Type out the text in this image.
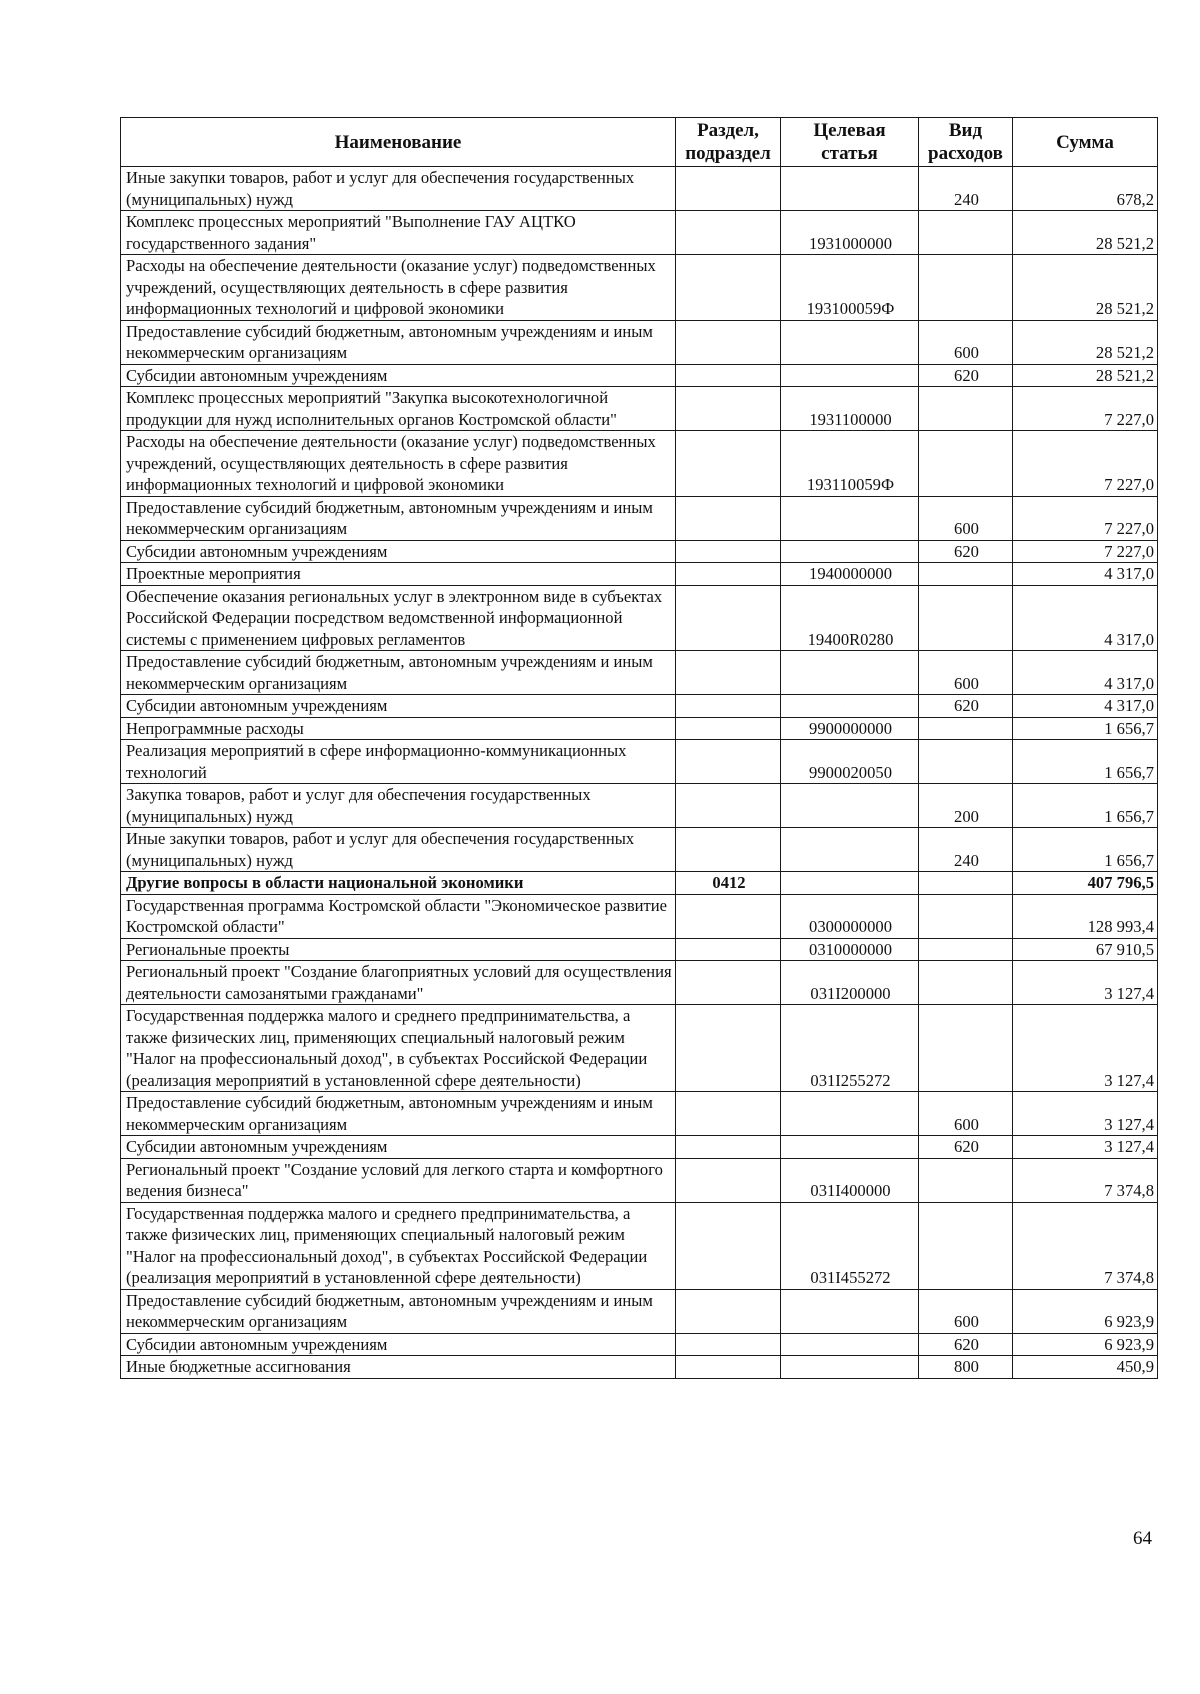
Наименование	Раздел, подраздел	Целевая статья	Вид расходов	Сумма
Иные закупки товаров, работ и услуг для обеспечения государственных (муниципальных) нужд			240	678,2
Комплекс процессных мероприятий "Выполнение ГАУ АЦТКО государственного задания"		1931000000		28 521,2
Расходы на обеспечение деятельности (оказание услуг) подведомственных учреждений, осуществляющих деятельность в сфере развития информационных технологий и цифровой экономики		193100059Ф		28 521,2
Предоставление субсидий бюджетным, автономным учреждениям и иным некоммерческим организациям			600	28 521,2
Субсидии автономным учреждениям			620	28 521,2
Комплекс процессных мероприятий "Закупка высокотехнологичной продукции для нужд исполнительных органов Костромской области"		1931100000		7 227,0
Расходы на обеспечение деятельности (оказание услуг) подведомственных учреждений, осуществляющих деятельность в сфере развития информационных технологий и цифровой экономики		193110059Ф		7 227,0
Предоставление субсидий бюджетным, автономным учреждениям и иным некоммерческим организациям			600	7 227,0
Субсидии автономным учреждениям			620	7 227,0
Проектные мероприятия		1940000000		4 317,0
Обеспечение оказания региональных услуг в электронном виде в субъектах Российской Федерации посредством ведомственной информационной системы с применением цифровых регламентов		19400R0280		4 317,0
Предоставление субсидий бюджетным, автономным учреждениям и иным некоммерческим организациям			600	4 317,0
Субсидии автономным учреждениям			620	4 317,0
Непрограммные расходы		9900000000		1 656,7
Реализация мероприятий в сфере информационно-коммуникационных технологий		9900020050		1 656,7
Закупка товаров, работ и услуг для обеспечения государственных (муниципальных) нужд			200	1 656,7
Иные закупки товаров, работ и услуг для обеспечения государственных (муниципальных) нужд			240	1 656,7
Другие вопросы в области национальной экономики	0412			407 796,5
Государственная программа Костромской области "Экономическое развитие Костромской области"		0300000000		128 993,4
Региональные проекты		0310000000		67 910,5
Региональный проект "Создание благоприятных условий для осуществления деятельности самозанятыми гражданами"		031I200000		3 127,4
Государственная поддержка малого и среднего предпринимательства, а также физических лиц, применяющих специальный налоговый режим "Налог на профессиональный доход", в субъектах Российской Федерации (реализация мероприятий в установленной сфере деятельности)		031I255272		3 127,4
Предоставление субсидий бюджетным, автономным учреждениям и иным некоммерческим организациям			600	3 127,4
Субсидии автономным учреждениям			620	3 127,4
Региональный проект "Создание условий для легкого старта и комфортного ведения бизнеса"		031I400000		7 374,8
Государственная поддержка малого и среднего предпринимательства, а также физических лиц, применяющих специальный налоговый режим "Налог на профессиональный доход", в субъектах Российской Федерации (реализация мероприятий в установленной сфере деятельности)		031I455272		7 374,8
Предоставление субсидий бюджетным, автономным учреждениям и иным некоммерческим организациям			600	6 923,9
Субсидии автономным учреждениям			620	6 923,9
Иные бюджетные ассигнования			800	450,9
64
